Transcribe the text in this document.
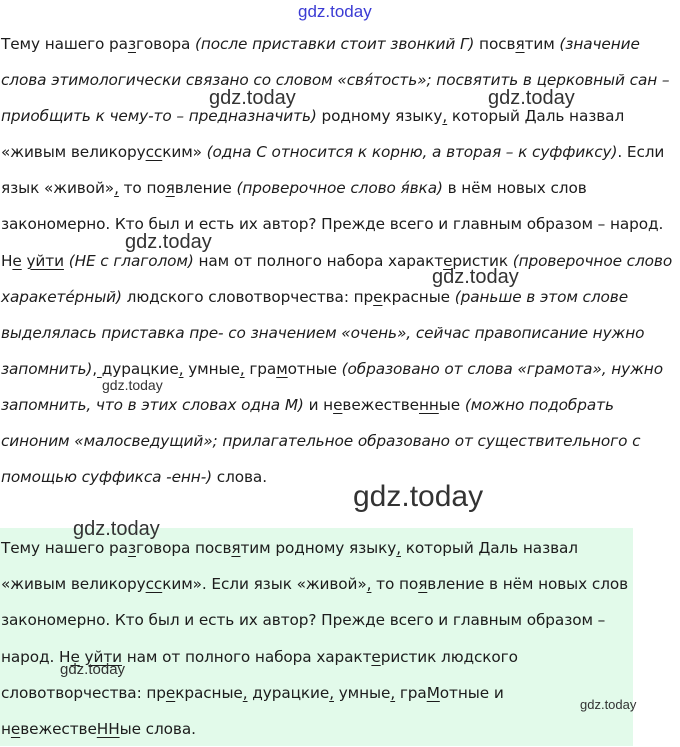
gdz.today
Тему нашего разговора (после приставки стоит звонкий Г) посвятим (значение слова этимологически связано со словом «свя́тость»; посвятить в церковный сан – приобщить к чему-то – предназначить) родному языку, который Даль назвал «живым великорусским» (одна С относится к корню, а вторая – к суффиксу). Если язык «живой», то появление (проверочное слово я́вка) в нём новых слов закономерно. Кто был и есть их автор? Прежде всего и главным образом – народ. Не уйти (НЕ с глаголом) нам от полного набора характеристик (проверочное слово харакете́рный) людского словотворчества: прекрасные (раньше в этом слове выделялась приставка пре- со значением «очень», сейчас правописание нужно запомнить), дурацкие, умные, грамотные (образовано от слова «грамота», нужно запомнить, что в этих словах одна М) и невежественные (можно подобрать синоним «малосведущий»; прилагательное образовано от существительного с помощью суффикса -енн-) слова.
Тему нашего разговора посвятим родному языку, который Даль назвал «живым великорусским». Если язык «живой», то появление в нём новых слов закономерно. Кто был и есть их автор? Прежде всего и главным образом – народ. Не уйти нам от полного набора характеристик людского словотворчества: прекрасные, дурацкие, умные, граМотные и невежествеННые слова.
gdz.today	gdz.today
gdz.today
gdz.today
gdz.today
gdz.today
gdz.today
gdz.today
gdz.today
